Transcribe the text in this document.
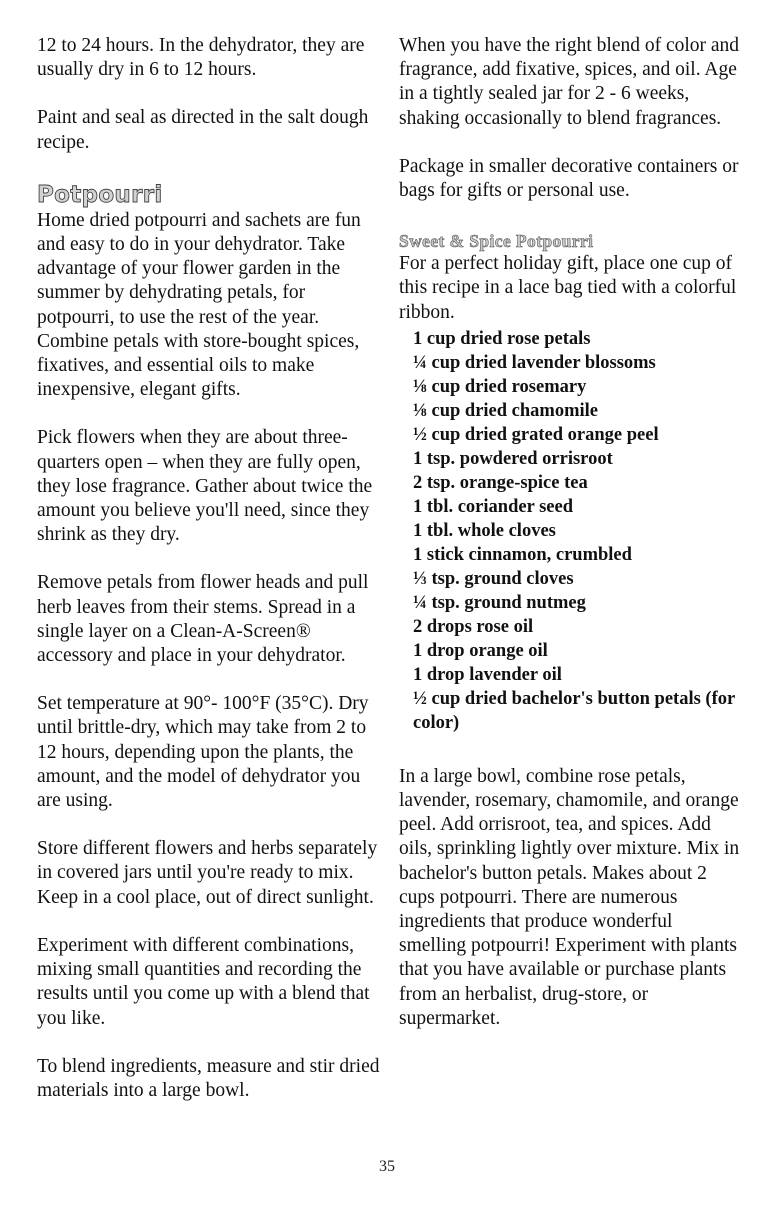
12 to 24 hours. In the dehydrator, they are usually dry in 6 to 12 hours.

Paint and seal as directed in the salt dough recipe.

Potpourri

Home dried potpourri and sachets are fun and easy to do in your dehydrator. Take advantage of your flower garden in the summer by dehydrating petals, for potpourri, to use the rest of the year. Combine petals with store-bought spices, fixatives, and essential oils to make inexpensive, elegant gifts.

Pick flowers when they are about three-quarters open – when they are fully open, they lose fragrance. Gather about twice the amount you believe you'll need, since they shrink as they dry.

Remove petals from flower heads and pull herb leaves from their stems. Spread in a single layer on a Clean-A-Screen® accessory and place in your dehydrator.

Set temperature at 90°- 100°F (35°C). Dry until brittle-dry, which may take from 2 to 12 hours, depending upon the plants, the amount, and the model of dehydrator you are using.

Store different flowers and herbs separately in covered jars until you're ready to mix. Keep in a cool place, out of direct sunlight.

Experiment with different combinations, mixing small quantities and recording the results until you come up with a blend that you like.

To blend ingredients, measure and stir dried materials into a large bowl.

When you have the right blend of color and fragrance, add fixative, spices, and oil. Age in a tightly sealed jar for 2 - 6 weeks, shaking occasionally to blend fragrances.

Package in smaller decorative containers or bags for gifts or personal use.

Sweet & Spice Potpourri

For a perfect holiday gift, place one cup of this recipe in a lace bag tied with a colorful ribbon.

1 cup dried rose petals
¼ cup dried lavender blossoms
⅛ cup dried rosemary
⅛ cup dried chamomile
½ cup dried grated orange peel
1 tsp. powdered orrisroot
2 tsp. orange-spice tea
1 tbl. coriander seed
1 tbl. whole cloves
1 stick cinnamon, crumbled
⅓ tsp. ground cloves
¼ tsp. ground nutmeg
2 drops rose oil
1 drop orange oil
1 drop lavender oil
½ cup dried bachelor's button petals (for color)

In a large bowl, combine rose petals, lavender, rosemary, chamomile, and orange peel. Add orrisroot, tea, and spices. Add oils, sprinkling lightly over mixture. Mix in bachelor's button petals. Makes about 2 cups potpourri. There are numerous ingredients that produce wonderful smelling potpourri! Experiment with plants that you have available or purchase plants from an herbalist, drug-store, or supermarket.

35
